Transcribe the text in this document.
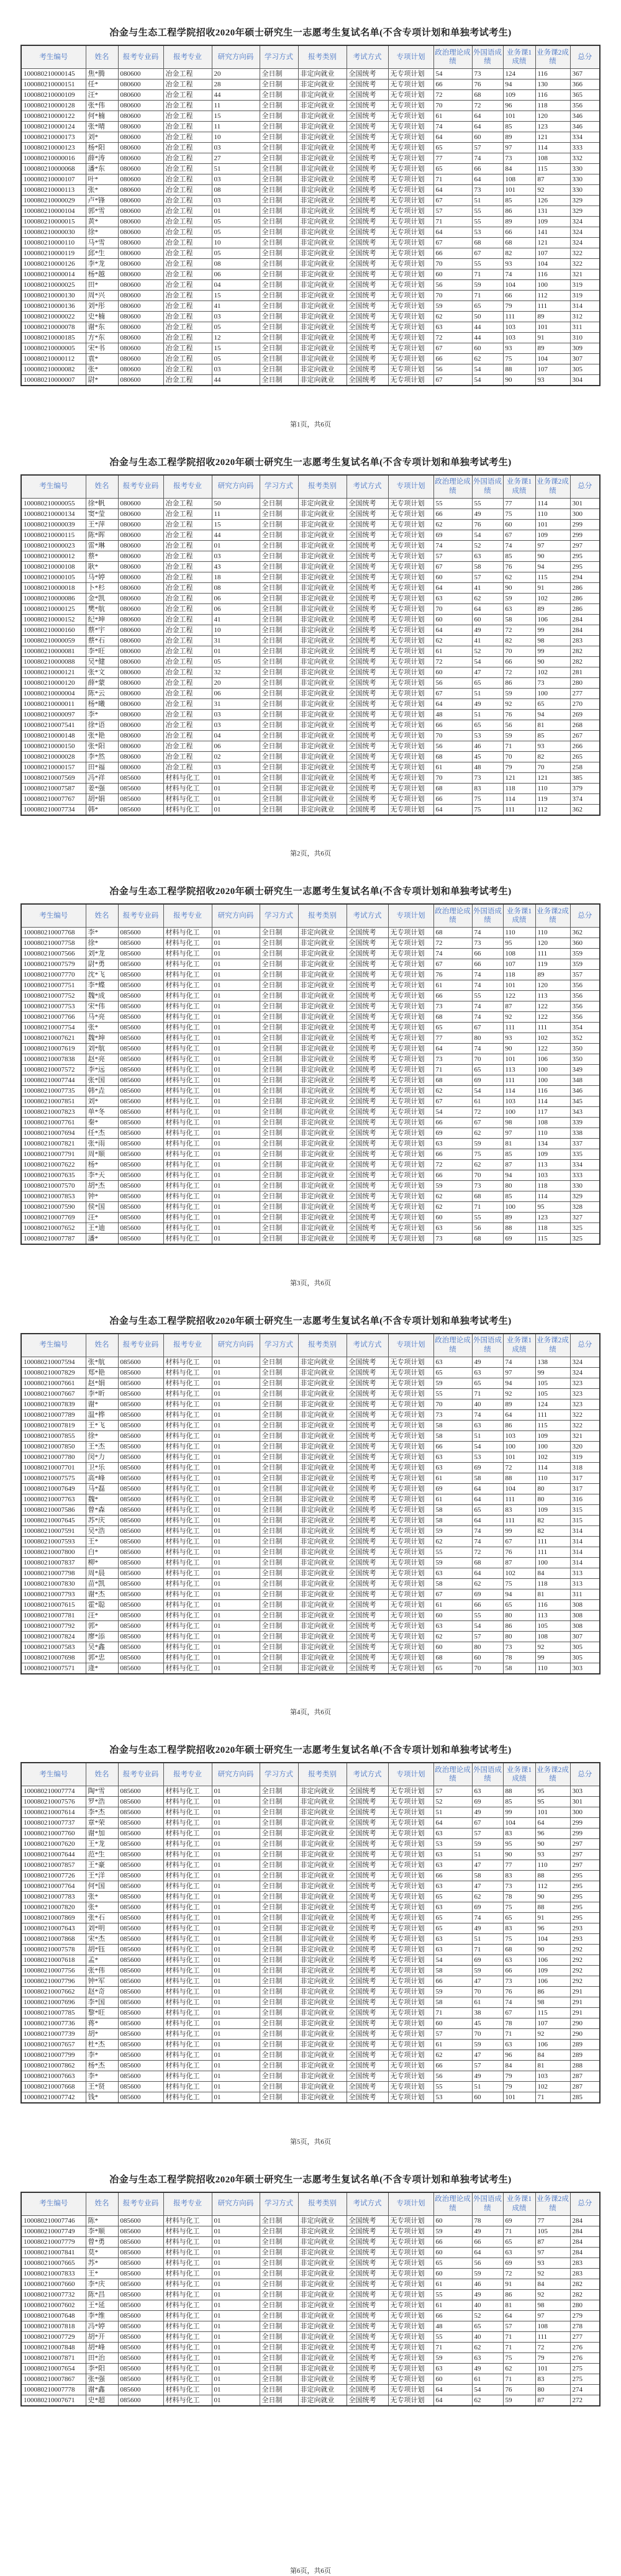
冶金与生态工程学院招收2020年硕士研究生一志愿考生复试名单(不含专项计划和单独考试考生)
考生编号	姓名	报考专业码	报考专业	研究方向码	学习方式	报考类别	考试方式	专项计划	政治理论成绩	外国语成绩	业务课1成绩	业务课2成绩	总分
100080210000145	焦*腾	080600	冶金工程	20	全日制	非定向就业	全国统考	无专项计划	54	73	124	116	367
100080210000151	任*	080600	冶金工程	28	全日制	非定向就业	全国统考	无专项计划	66	76	94	130	366
100080210000109	汪*	080600	冶金工程	44	全日制	非定向就业	全国统考	无专项计划	72	68	109	116	365
100080210000128	张*伟	080600	冶金工程	11	全日制	非定向就业	全国统考	无专项计划	70	72	96	118	356
100080210000122	何*楠	080600	冶金工程	15	全日制	非定向就业	全国统考	无专项计划	61	64	101	120	346
100080210000124	张*晴	080600	冶金工程	11	全日制	非定向就业	全国统考	无专项计划	74	64	85	123	346
100080210000173	刘*	080600	冶金工程	10	全日制	非定向就业	全国统考	无专项计划	64	60	89	121	334
100080210000123	杨*阳	080600	冶金工程	03	全日制	非定向就业	全国统考	无专项计划	65	57	97	114	333
100080210000016	薛*涛	080600	冶金工程	27	全日制	非定向就业	全国统考	无专项计划	77	74	73	108	332
100080210000068	潘*东	080600	冶金工程	51	全日制	非定向就业	全国统考	无专项计划	65	66	84	115	330
100080210000107	叶*	080600	冶金工程	03	全日制	非定向就业	全国统考	无专项计划	71	64	108	87	330
100080210000113	张*	080600	冶金工程	08	全日制	非定向就业	全国统考	无专项计划	64	73	101	92	330
100080210000029	卢*锋	080600	冶金工程	03	全日制	非定向就业	全国统考	无专项计划	67	51	85	126	329
100080210000104	郭*雪	080600	冶金工程	01	全日制	非定向就业	全国统考	无专项计划	57	55	86	131	329
100080210000015	黄*	080600	冶金工程	05	全日制	非定向就业	全国统考	无专项计划	71	55	89	109	324
100080210000030	徐*	080600	冶金工程	05	全日制	非定向就业	全国统考	无专项计划	64	53	66	141	324
100080210000110	马*雪	080600	冶金工程	10	全日制	非定向就业	全国统考	无专项计划	67	68	68	121	324
100080210000119	邱*生	080600	冶金工程	05	全日制	非定向就业	全国统考	无专项计划	66	67	82	107	322
100080210000126	李*龙	080600	冶金工程	08	全日制	非定向就业	全国统考	无专项计划	70	55	93	104	322
100080210000014	杨*越	080600	冶金工程	06	全日制	非定向就业	全国统考	无专项计划	60	71	74	116	321
100080210000025	田*	080600	冶金工程	04	全日制	非定向就业	全国统考	无专项计划	56	59	104	100	319
100080210000130	周*兴	080600	冶金工程	15	全日制	非定向就业	全国统考	无专项计划	70	71	66	112	319
100080210000136	刘*彤	080600	冶金工程	41	全日制	非定向就业	全国统考	无专项计划	59	65	79	111	314
100080210000022	史*楠	080600	冶金工程	03	全日制	非定向就业	全国统考	无专项计划	62	50	111	89	312
100080210000078	谢*东	080600	冶金工程	05	全日制	非定向就业	全国统考	无专项计划	63	44	103	101	311
100080210000185	方*东	080600	冶金工程	12	全日制	非定向就业	全国统考	无专项计划	72	44	103	91	310
100080210000005	宋*书	080600	冶金工程	15	全日制	非定向就业	全国统考	无专项计划	67	60	93	89	309
100080210000112	袁*	080600	冶金工程	05	全日制	非定向就业	全国统考	无专项计划	66	62	75	104	307
100080210000082	张*	080600	冶金工程	03	全日制	非定向就业	全国统考	无专项计划	56	54	88	107	305
100080210000007	尉*	080600	冶金工程	44	全日制	非定向就业	全国统考	无专项计划	67	54	90	93	304
第1页，共6页
冶金与生态工程学院招收2020年硕士研究生一志愿考生复试名单(不含专项计划和单独考试考生)
考生编号	姓名	报考专业码	报考专业	研究方向码	学习方式	报考类别	考试方式	专项计划	政治理论成绩	外国语成绩	业务课1成绩	业务课2成绩	总分
100080210000055	徐*帆	080600	冶金工程	50	全日制	非定向就业	全国统考	无专项计划	55	55	77	114	301
100080210000134	窦*莹	080600	冶金工程	11	全日制	非定向就业	全国统考	无专项计划	66	49	75	110	300
100080210000039	王*萍	080600	冶金工程	15	全日制	非定向就业	全国统考	无专项计划	62	76	60	101	299
100080210000115	陈*晖	080600	冶金工程	44	全日制	非定向就业	全国统考	无专项计划	69	54	67	109	299
100080210000023	雷*琳	080600	冶金工程	01	全日制	非定向就业	全国统考	无专项计划	74	52	74	97	297
100080210000012	蔡*	080600	冶金工程	03	全日制	非定向就业	全国统考	无专项计划	57	63	85	90	295
100080210000108	耿*	080600	冶金工程	43	全日制	非定向就业	全国统考	无专项计划	67	58	76	94	295
100080210000105	马*婷	080600	冶金工程	18	全日制	非定向就业	全国统考	无专项计划	60	57	62	115	294
100080210000018	卜*杉	080600	冶金工程	08	全日制	非定向就业	全国统考	无专项计划	64	41	90	91	286
100080210000086	金*凯	080600	冶金工程	06	全日制	非定向就业	全国统考	无专项计划	63	62	59	102	286
100080210000125	樊*航	080600	冶金工程	06	全日制	非定向就业	全国统考	无专项计划	70	64	63	89	286
100080210000152	纪*坤	080600	冶金工程	41	全日制	非定向就业	全国统考	无专项计划	60	60	58	106	284
100080210000160	蔡*宇	080600	冶金工程	10	全日制	非定向就业	全国统考	无专项计划	64	49	72	99	284
100080210000059	蔡*石	080600	冶金工程	31	全日制	非定向就业	全国统考	无专项计划	62	41	82	98	283
100080210000081	李*旺	080600	冶金工程	01	全日制	非定向就业	全国统考	无专项计划	61	52	70	99	282
100080210000088	吴*健	080600	冶金工程	05	全日制	非定向就业	全国统考	无专项计划	72	54	66	90	282
100080210000121	张*文	080600	冶金工程	32	全日制	非定向就业	全国统考	无专项计划	60	47	72	102	281
100080210000120	薛*蒙	080600	冶金工程	20	全日制	非定向就业	全国统考	无专项计划	56	65	86	73	280
100080210000004	陈*云	080600	冶金工程	06	全日制	非定向就业	全国统考	无专项计划	67	51	59	100	277
100080210000011	杨*曦	080600	冶金工程	31	全日制	非定向就业	全国统考	无专项计划	64	49	92	65	270
100080210000097	李*	080600	冶金工程	03	全日制	非定向就业	全国统考	无专项计划	48	51	76	94	269
100080210007541	徐*语	080600	冶金工程	03	全日制	非定向就业	全国统考	无专项计划	66	65	56	81	268
100080210000148	张*艳	080600	冶金工程	04	全日制	非定向就业	全国统考	无专项计划	70	53	59	85	267
100080210000150	张*阳	080600	冶金工程	06	全日制	非定向就业	全国统考	无专项计划	56	46	71	93	266
100080210000028	李*然	080600	冶金工程	02	全日制	非定向就业	全国统考	无专项计划	68	45	70	82	265
100080210000157	田*福	080600	冶金工程	03	全日制	非定向就业	全国统考	无专项计划	61	48	79	70	258
100080210007569	冯*祥	085600	材料与化工	01	全日制	非定向就业	全国统考	无专项计划	70	73	121	121	385
100080210007587	姜*强	085600	材料与化工	01	全日制	非定向就业	全国统考	无专项计划	68	83	118	110	379
100080210007767	胡*娟	085600	材料与化工	01	全日制	非定向就业	全国统考	无专项计划	66	75	114	119	374
100080210007734	韩*	085600	材料与化工	01	全日制	非定向就业	全国统考	无专项计划	64	75	111	112	362
第2页，共6页
冶金与生态工程学院招收2020年硕士研究生一志愿考生复试名单(不含专项计划和单独考试考生)
考生编号	姓名	报考专业码	报考专业	研究方向码	学习方式	报考类别	考试方式	专项计划	政治理论成绩	外国语成绩	业务课1成绩	业务课2成绩	总分
100080210007768	李*	085600	材料与化工	01	全日制	非定向就业	全国统考	无专项计划	68	74	110	110	362
100080210007758	徐*	085600	材料与化工	01	全日制	非定向就业	全国统考	无专项计划	72	73	95	120	360
100080210007566	刘*龙	085600	材料与化工	01	全日制	非定向就业	全国统考	无专项计划	74	66	108	111	359
100080210007579	尉*勇	085600	材料与化工	01	全日制	非定向就业	全国统考	无专项计划	67	66	107	119	359
100080210007770	沈*飞	085600	材料与化工	01	全日制	非定向就业	全国统考	无专项计划	76	74	118	89	357
100080210007751	李*蝶	085600	材料与化工	01	全日制	非定向就业	全国统考	无专项计划	61	74	101	120	356
100080210007752	魏*成	085600	材料与化工	01	全日制	非定向就业	全国统考	无专项计划	66	55	122	113	356
100080210007753	宋*伟	085600	材料与化工	01	全日制	非定向就业	全国统考	无专项计划	73	74	87	122	356
100080210007766	马*亮	085600	材料与化工	01	全日制	非定向就业	全国统考	无专项计划	68	74	92	122	356
100080210007754	张*	085600	材料与化工	01	全日制	非定向就业	全国统考	无专项计划	65	67	111	111	354
100080210007621	魏*坤	085600	材料与化工	01	全日制	非定向就业	全国统考	无专项计划	77	80	93	102	352
100080210007619	刘*航	085600	材料与化工	01	全日制	非定向就业	全国统考	无专项计划	64	74	90	122	350
100080210007838	赵*亮	085600	材料与化工	01	全日制	非定向就业	全国统考	无专项计划	73	70	101	106	350
100080210007572	李*远	085600	材料与化工	01	全日制	非定向就业	全国统考	无专项计划	71	65	113	100	349
100080210007744	张*国	085600	材料与化工	01	全日制	非定向就业	全国统考	无专项计划	68	69	111	100	348
100080210007735	韩*垚	085600	材料与化工	01	全日制	非定向就业	全国统考	无专项计划	62	54	114	116	346
100080210007851	刘*	085600	材料与化工	01	全日制	非定向就业	全国统考	无专项计划	67	61	103	114	345
100080210007823	单*冬	085600	材料与化工	01	全日制	非定向就业	全国统考	无专项计划	54	72	100	117	343
100080210007761	秦*	085600	材料与化工	01	全日制	非定向就业	全国统考	无专项计划	66	67	98	108	339
100080210007694	任*杰	085600	材料与化工	01	全日制	非定向就业	全国统考	无专项计划	69	62	97	110	338
100080210007821	张*雨	085600	材料与化工	01	全日制	非定向就业	全国统考	无专项计划	63	59	81	134	337
100080210007791	周*顺	085600	材料与化工	01	全日制	非定向就业	全国统考	无专项计划	66	75	85	109	335
100080210007622	杨*	085600	材料与化工	01	全日制	非定向就业	全国统考	无专项计划	72	62	87	113	334
100080210007635	李*天	085600	材料与化工	01	全日制	非定向就业	全国统考	无专项计划	66	70	94	103	333
100080210007570	胡*杰	085600	材料与化工	01	全日制	非定向就业	全国统考	无专项计划	59	73	80	118	330
100080210007853	钟*	085600	材料与化工	01	全日制	非定向就业	全国统考	无专项计划	62	68	85	114	329
100080210007590	侯*国	085600	材料与化工	01	全日制	非定向就业	全国统考	无专项计划	62	71	100	95	328
100080210007769	汪*	085600	材料与化工	01	全日制	非定向就业	全国统考	无专项计划	60	55	89	123	327
100080210007652	王*迪	085600	材料与化工	01	全日制	非定向就业	全国统考	无专项计划	63	56	88	118	325
100080210007787	潘*	085600	材料与化工	01	全日制	非定向就业	全国统考	无专项计划	73	68	69	115	325
第3页，共6页
冶金与生态工程学院招收2020年硕士研究生一志愿考生复试名单(不含专项计划和单独考试考生)
考生编号	姓名	报考专业码	报考专业	研究方向码	学习方式	报考类别	考试方式	专项计划	政治理论成绩	外国语成绩	业务课1成绩	业务课2成绩	总分
100080210007594	张*航	085600	材料与化工	01	全日制	非定向就业	全国统考	无专项计划	63	49	74	138	324
100080210007829	郑*艳	085600	材料与化工	01	全日制	非定向就业	全国统考	无专项计划	65	63	97	99	324
100080210007661	赵*娟	085600	材料与化工	01	全日制	非定向就业	全国统考	无专项计划	59	65	94	105	323
100080210007667	李*昕	085600	材料与化工	01	全日制	非定向就业	全国统考	无专项计划	55	71	92	105	323
100080210007839	谢*	085600	材料与化工	01	全日制	非定向就业	全国统考	无专项计划	70	40	89	124	323
100080210007789	温*桦	085600	材料与化工	01	全日制	非定向就业	全国统考	无专项计划	73	74	64	111	322
100080210007819	王*飞	085600	材料与化工	01	全日制	非定向就业	全国统考	无专项计划	58	63	86	115	322
100080210007855	徐*	085600	材料与化工	01	全日制	非定向就业	全国统考	无专项计划	58	51	103	109	321
100080210007850	王*杰	085600	材料与化工	01	全日制	非定向就业	全国统考	无专项计划	66	54	100	100	320
100080210007780	闵*力	085600	材料与化工	01	全日制	非定向就业	全国统考	无专项计划	63	53	101	102	319
100080210007701	卫*乐	085600	材料与化工	01	全日制	非定向就业	全国统考	无专项计划	63	69	72	114	318
100080210007575	高*峰	085600	材料与化工	01	全日制	非定向就业	全国统考	无专项计划	61	58	88	110	317
100080210007649	马*磊	085600	材料与化工	01	全日制	非定向就业	全国统考	无专项计划	69	64	104	80	317
100080210007763	魏*	085600	材料与化工	01	全日制	非定向就业	全国统考	无专项计划	61	64	111	80	316
100080210007586	曾*森	085600	材料与化工	01	全日制	非定向就业	全国统考	无专项计划	58	65	83	109	315
100080210007645	苏*庆	085600	材料与化工	01	全日制	非定向就业	全国统考	无专项计划	58	64	111	82	315
100080210007591	吴*浩	085600	材料与化工	01	全日制	非定向就业	全国统考	无专项计划	59	74	99	82	314
100080210007593	王*	085600	材料与化工	01	全日制	非定向就业	全国统考	无专项计划	62	74	67	111	314
100080210007800	白*	085600	材料与化工	01	全日制	非定向就业	全国统考	无专项计划	55	72	76	111	314
100080210007837	柳*	085600	材料与化工	01	全日制	非定向就业	全国统考	无专项计划	59	68	87	100	314
100080210007798	周*晨	085600	材料与化工	01	全日制	非定向就业	全国统考	无专项计划	63	64	102	84	313
100080210007830	苗*凯	085600	材料与化工	01	全日制	非定向就业	全国统考	无专项计划	58	62	75	118	313
100080210007793	谢*杰	085600	材料与化工	01	全日制	非定向就业	全国统考	无专项计划	67	69	94	81	311
100080210007615	霍*聪	085600	材料与化工	01	全日制	非定向就业	全国统考	无专项计划	61	66	65	116	308
100080210007781	汪*	085600	材料与化工	01	全日制	非定向就业	全国统考	无专项计划	60	55	80	113	308
100080210007792	郭*	085600	材料与化工	01	全日制	非定向就业	全国统考	无专项计划	63	54	86	105	308
100080210007824	廖*添	085600	材料与化工	01	全日制	非定向就业	全国统考	无专项计划	62	57	80	108	307
100080210007583	吴*鑫	085600	材料与化工	01	全日制	非定向就业	全国统考	无专项计划	60	80	73	92	305
100080210007698	郭*忠	085600	材料与化工	01	全日制	非定向就业	全国统考	无专项计划	68	60	78	99	305
100080210007571	逄*	085600	材料与化工	01	全日制	非定向就业	全国统考	无专项计划	65	70	58	110	303
第4页，共6页
冶金与生态工程学院招收2020年硕士研究生一志愿考生复试名单(不含专项计划和单独考试考生)
考生编号	姓名	报考专业码	报考专业	研究方向码	学习方式	报考类别	考试方式	专项计划	政治理论成绩	外国语成绩	业务课1成绩	业务课2成绩	总分
100080210007774	陶*雪	085600	材料与化工	01	全日制	非定向就业	全国统考	无专项计划	57	63	88	95	303
100080210007576	罗*浩	085600	材料与化工	01	全日制	非定向就业	全国统考	无专项计划	52	69	85	95	301
100080210007614	李*杰	085600	材料与化工	01	全日制	非定向就业	全国统考	无专项计划	51	49	99	101	300
100080210007737	章*荣	085600	材料与化工	01	全日制	非定向就业	全国统考	无专项计划	64	67	104	64	299
100080210007760	谢*加	085600	材料与化工	01	全日制	非定向就业	全国统考	无专项计划	63	57	83	96	299
100080210007620	王*龙	085600	材料与化工	01	全日制	非定向就业	全国统考	无专项计划	53	59	95	90	297
100080210007644	范*生	085600	材料与化工	01	全日制	非定向就业	全国统考	无专项计划	63	51	90	93	297
100080210007857	王*豪	085600	材料与化工	01	全日制	非定向就业	全国统考	无专项计划	63	47	77	110	297
100080210007726	王*洋	085600	材料与化工	01	全日制	非定向就业	全国统考	无专项计划	66	58	83	88	295
100080210007764	何*国	085600	材料与化工	01	全日制	非定向就业	全国统考	无专项计划	63	47	73	112	295
100080210007783	张*	085600	材料与化工	01	全日制	非定向就业	全国统考	无专项计划	65	62	78	90	295
100080210007820	张*	085600	材料与化工	01	全日制	非定向就业	全国统考	无专项计划	63	69	75	88	295
100080210007869	张*石	085600	材料与化工	01	全日制	非定向就业	全国统考	无专项计划	65	74	65	91	295
100080210007643	刘*明	085600	材料与化工	01	全日制	非定向就业	全国统考	无专项计划	65	49	83	96	293
100080210007868	宋*杰	085600	材料与化工	01	全日制	非定向就业	全国统考	无专项计划	63	51	75	104	293
100080210007578	胡*钰	085600	材料与化工	01	全日制	非定向就业	全国统考	无专项计划	63	71	68	90	292
100080210007618	孟*	085600	材料与化工	01	全日制	非定向就业	全国统考	无专项计划	54	69	63	106	292
100080210007756	张*伟	085600	材料与化工	01	全日制	非定向就业	全国统考	无专项计划	58	59	66	109	292
100080210007796	钟*军	085600	材料与化工	01	全日制	非定向就业	全国统考	无专项计划	66	47	73	106	292
100080210007662	赵*奇	085600	材料与化工	01	全日制	非定向就业	全国统考	无专项计划	59	70	76	86	291
100080210007696	李*国	085600	材料与化工	01	全日制	非定向就业	全国统考	无专项计划	58	61	74	98	291
100080210007785	黎*旺	085600	材料与化工	01	全日制	非定向就业	全国统考	无专项计划	71	38	67	115	291
100080210007736	蒋*	085600	材料与化工	01	全日制	非定向就业	全国统考	无专项计划	60	45	78	107	290
100080210007739	胡*	085600	材料与化工	01	全日制	非定向就业	全国统考	无专项计划	57	70	71	92	290
100080210007657	杜*杰	085600	材料与化工	01	全日制	非定向就业	全国统考	无专项计划	61	59	63	106	289
100080210007799	李*	085600	材料与化工	01	全日制	非定向就业	全国统考	无专项计划	62	47	96	84	289
100080210007862	杨*杰	085600	材料与化工	01	全日制	非定向就业	全国统考	无专项计划	66	57	84	81	288
100080210007663	李*	085600	材料与化工	01	全日制	非定向就业	全国统考	无专项计划	56	49	79	103	287
100080210007668	王*贤	085600	材料与化工	01	全日制	非定向就业	全国统考	无专项计划	55	51	79	102	287
100080210007742	钱*	085600	材料与化工	01	全日制	非定向就业	全国统考	无专项计划	53	60	101	71	285
第5页，共6页
冶金与生态工程学院招收2020年硕士研究生一志愿考生复试名单(不含专项计划和单独考试考生)
考生编号	姓名	报考专业码	报考专业	研究方向码	学习方式	报考类别	考试方式	专项计划	政治理论成绩	外国语成绩	业务课1成绩	业务课2成绩	总分
100080210007746	陈*	085600	材料与化工	01	全日制	非定向就业	全国统考	无专项计划	60	78	69	77	284
100080210007749	李*顺	085600	材料与化工	01	全日制	非定向就业	全国统考	无专项计划	59	49	71	105	284
100080210007779	曾*勇	085600	材料与化工	01	全日制	非定向就业	全国统考	无专项计划	66	66	65	87	284
100080210007841	莫*	085600	材料与化工	01	全日制	非定向就业	全国统考	无专项计划	60	64	63	97	284
100080210007665	苏*	085600	材料与化工	01	全日制	非定向就业	全国统考	无专项计划	65	56	69	93	283
100080210007833	王*	085600	材料与化工	01	全日制	非定向就业	全国统考	无专项计划	60	59	72	92	283
100080210007660	李*庆	085600	材料与化工	01	全日制	非定向就业	全国统考	无专项计划	61	46	91	84	282
100080210007732	陈*昌	085600	材料与化工	01	全日制	非定向就业	全国统考	无专项计划	55	49	86	92	282
100080210007602	王*延	085600	材料与化工	01	全日制	非定向就业	全国统考	无专项计划	61	40	81	98	280
100080210007648	李*维	085600	材料与化工	01	全日制	非定向就业	全国统考	无专项计划	66	52	64	97	279
100080210007818	冯*婷	085600	材料与化工	01	全日制	非定向就业	全国统考	无专项计划	48	65	57	108	278
100080210007729	胡*开	085600	材料与化工	01	全日制	非定向就业	全国统考	无专项计划	55	40	71	111	277
100080210007848	胡*峰	085600	材料与化工	01	全日制	非定向就业	全国统考	无专项计划	71	62	71	72	276
100080210007871	田*治	085600	材料与化工	01	全日制	非定向就业	全国统考	无专项计划	59	63	75	79	276
100080210007654	李*阳	085600	材料与化工	01	全日制	非定向就业	全国统考	无专项计划	63	49	62	101	275
100080210007867	张*强	085600	材料与化工	01	全日制	非定向就业	全国统考	无专项计划	60	61	71	83	275
100080210007778	谢*鑫	085600	材料与化工	01	全日制	非定向就业	全国统考	无专项计划	64	54	76	80	274
100080210007671	史*超	085600	材料与化工	01	全日制	非定向就业	全国统考	无专项计划	64	62	59	87	272
第6页，共6页
